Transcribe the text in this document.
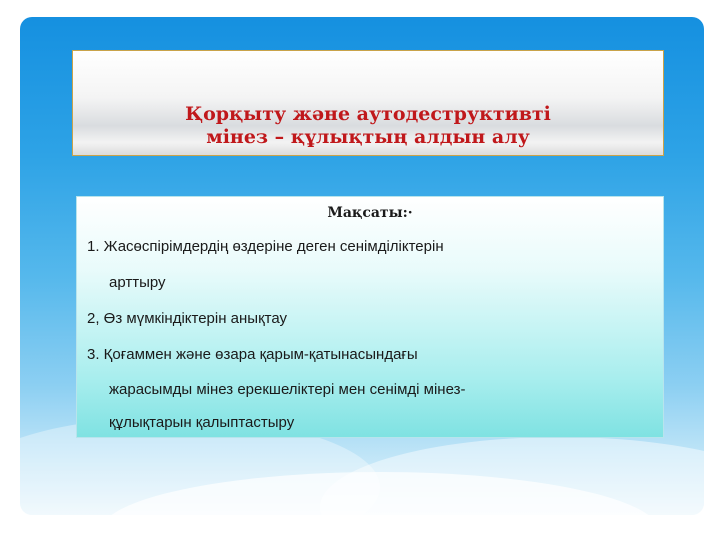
Қорқыту және аутодеструктивті
мінез – құлықтың алдын алу
Мақсаты:·
1. Жасөспірімдердің өздеріне деген сенімділіктерін
арттыру
2, Өз мүмкіндіктерін анықтау
3. Қоғаммен және өзара қарым-қатынасындағы
жарасымды мінез ерекшеліктері мен сенімді мінез-
құлықтарын қалыптастыру
